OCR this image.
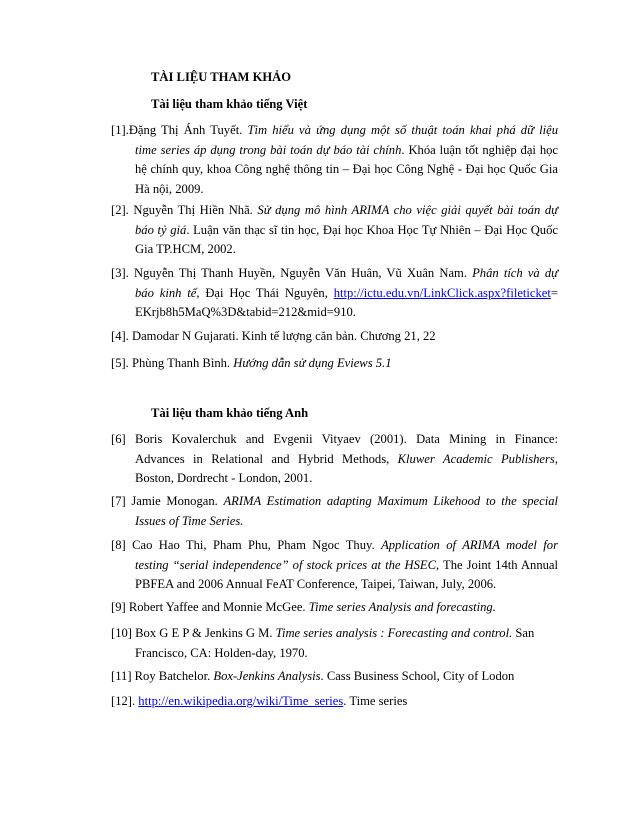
TÀI LIỆU THAM KHẢO
Tài liệu tham khảo tiếng Việt
[1].Đặng Thị Ánh Tuyết. Tìm hiểu và ứng dụng một số thuật toán khai phá dữ liệu
time series áp dụng trong bài toán dự báo tài chính. Khóa luận tốt nghiệp đại học
hệ chính quy, khoa Công nghệ thông tin – Đại học Công Nghệ - Đại học Quốc Gia
Hà nội, 2009.
[2]. Nguyễn Thị Hiền Nhã. Sử dụng mô hình ARIMA cho việc giải quyết bài toán dự
báo tỷ giá. Luận văn thạc sĩ tin học, Đại học Khoa Học Tự Nhiên – Đại Học Quốc
Gia TP.HCM, 2002.
[3]. Nguyễn Thị Thanh Huyền, Nguyễn Văn Huân, Vũ Xuân Nam. Phân tích và dự
báo kinh tế, Đại Học Thái Nguyên, http://ictu.edu.vn/LinkClick.aspx?fileticket=
EKrjb8h5MaQ%3D&tabid=212&mid=910.
[4]. Damodar N Gujarati. Kinh tế lượng căn bản. Chương 21, 22
[5]. Phùng Thanh Bình. Hướng dẫn sử dụng Eviews 5.1
Tài liệu tham khảo tiếng Anh
[6] Boris Kovalerchuk and Evgenii Vityaev (2001). Data Mining in Finance:
Advances in Relational and Hybrid Methods, Kluwer Academic Publishers,
Boston, Dordrecht - London, 2001.
[7] Jamie Monogan. ARIMA Estimation adapting Maximum Likehood to the special
Issues of Time Series.
[8] Cao Hao Thi, Pham Phu, Pham Ngoc Thuy. Application of ARIMA model for
testing “serial independence” of stock prices at the HSEC, The Joint 14th Annual
PBFEA and 2006 Annual FeAT Conference, Taipei, Taiwan, July, 2006.
[9] Robert Yaffee and Monnie McGee. Time series Analysis and forecasting.
[10] Box G E P & Jenkins G M. Time series analysis : Forecasting and control. San
Francisco, CA: Holden-day, 1970.
[11] Roy Batchelor. Box-Jenkins Analysis. Cass Business School, City of Lodon
[12]. http://en.wikipedia.org/wiki/Time_series. Time series
